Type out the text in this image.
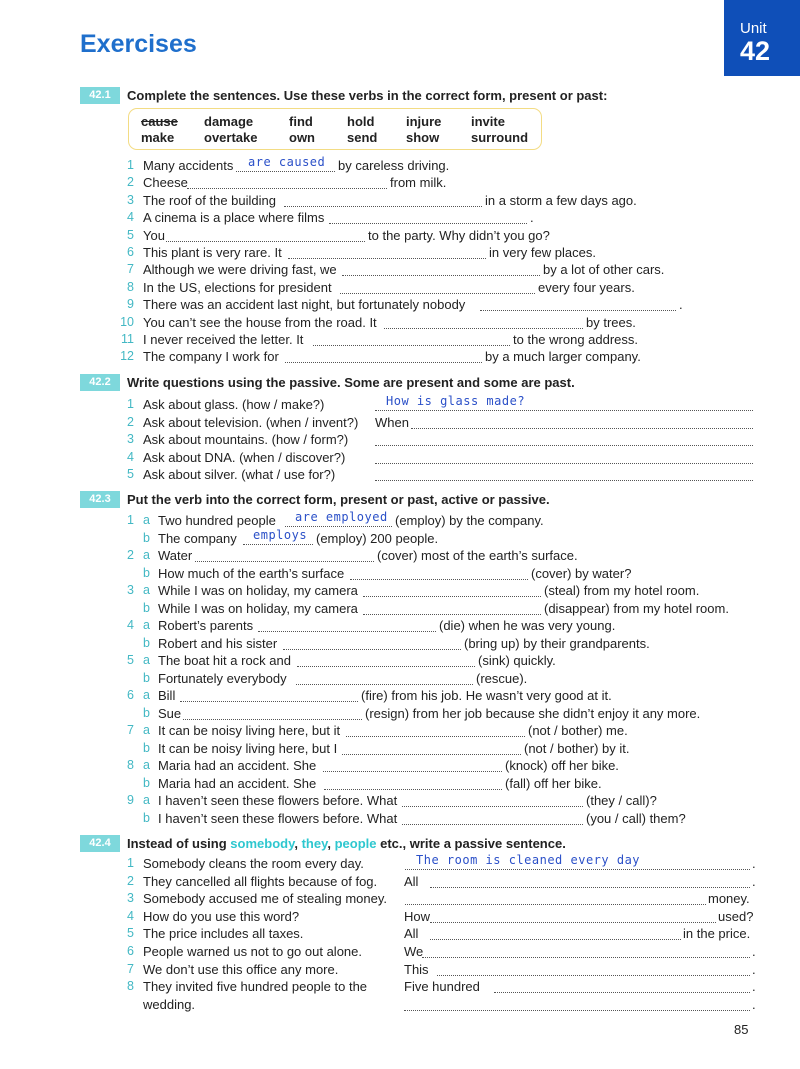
Exercises
Unit
42
42.1	Complete the sentences. Use these verbs in the correct form, present or past:
cause damage	find	hold injure invite
make overtake own send show surround
1 Many accidents are caused by careless driving.
2 Cheese	from milk.
3 The roof of the building	in a storm a few days ago.
4 A cinema is a place where films	.
5 You	to the party. Why didn’t you go?
6 This plant is very rare. It	in very few places.
7 Although we were driving fast, we	by a lot of other cars.
8 In the US, elections for president	every four years.
9 There was an accident last night, but fortunately nobody	.
10 You can’t see the house from the road. It	by trees.
11 I never received the letter. It	to the wrong address.
12 The company I work for	by a much larger company.
42.2	Write questions using the passive. Some are present and some are past.
1 Ask about glass. (how / make?)	How is glass made?
2 Ask about television. (when / invent?) When
3 Ask about mountains. (how / form?)
4 Ask about DNA. (when / discover?)
5 Ask about silver. (what / use for?)
42.3	Put the verb into the correct form, present or past, active or passive.
1 a Two hundred people are employed (employ) by the company.
b The company employs (employ) 200 people.
2 a Water	(cover) most of the earth’s surface.
b How much of the earth’s surface	(cover) by water?
3 a While I was on holiday, my camera	(steal) from my hotel room.
b While I was on holiday, my camera	(disappear) from my hotel room.
4 a Robert’s parents	(die) when he was very young.
b Robert and his sister	(bring up) by their grandparents.
5 a The boat hit a rock and	(sink) quickly.
b Fortunately everybody	(rescue).
6 a Bill	(fire) from his job. He wasn’t very good at it.
b Sue	(resign) from her job because she didn’t enjoy it any more.
7 a It can be noisy living here, but it	(not / bother) me.
b It can be noisy living here, but I	(not / bother) by it.
8 a Maria had an accident. She	(knock) off her bike.
b Maria had an accident. She	(fall) off her bike.
9 a I haven’t seen these flowers before. What	(they / call)?
b I haven’t seen these flowers before. What	(you / call) them?
42.4	Instead of using somebody, they, people etc., write a passive sentence.
1 Somebody cleans the room every day.	The room is cleaned every day	.
2 They cancelled all flights because of fog. All	.
3 Somebody accused me of stealing money.	money.
4 How do you use this word?	How	used?
5 The price includes all taxes.	All	in the price.
6 People warned us not to go out alone.	We	.
7 We don’t use this office any more.	This	.
8 They invited five hundred people to the	Five hundred	.
wedding.	.
85
